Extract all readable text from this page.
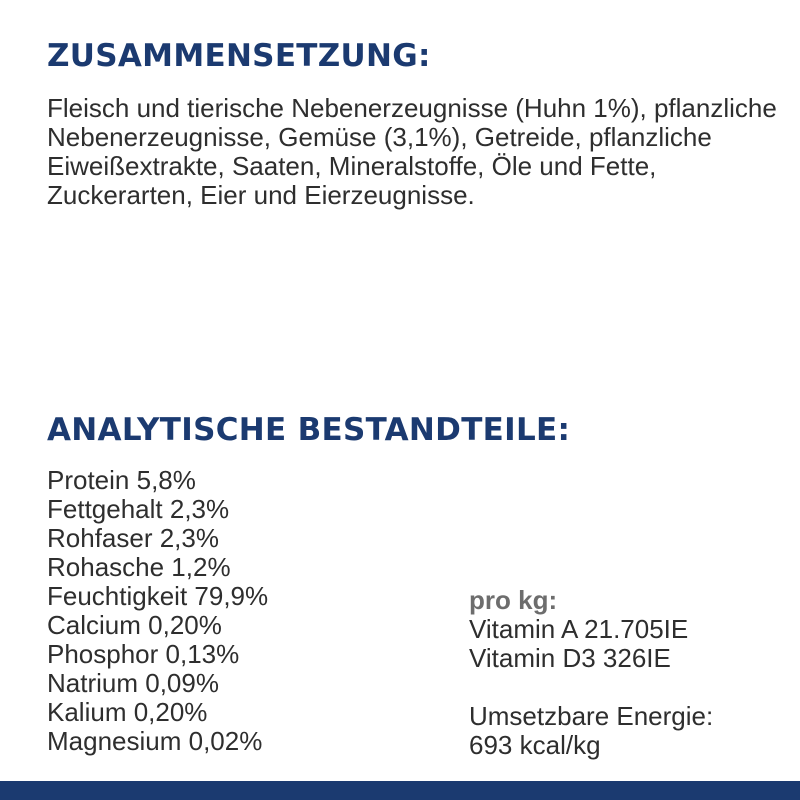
ZUSAMMENSETZUNG:

Fleisch und tierische Nebenerzeugnisse (Huhn 1%), pflanzliche Nebenerzeugnisse, Gemüse (3,1%), Getreide, pflanzliche Eiweißextrakte, Saaten, Mineralstoffe, Öle und Fette, Zuckerarten, Eier und Eierzeugnisse.

ANALYTISCHE BESTANDTEILE:
Protein 5,8%
Fettgehalt 2,3%
Rohfaser 2,3%
Rohasche 1,2%
Feuchtigkeit 79,9%
Calcium 0,20%
Phosphor 0,13%
Natrium 0,09%
Kalium 0,20%
Magnesium 0,02%
pro kg:
Vitamin A 21.705IE
Vitamin D3 326IE
Umsetzbare Energie:
693 kcal/kg
